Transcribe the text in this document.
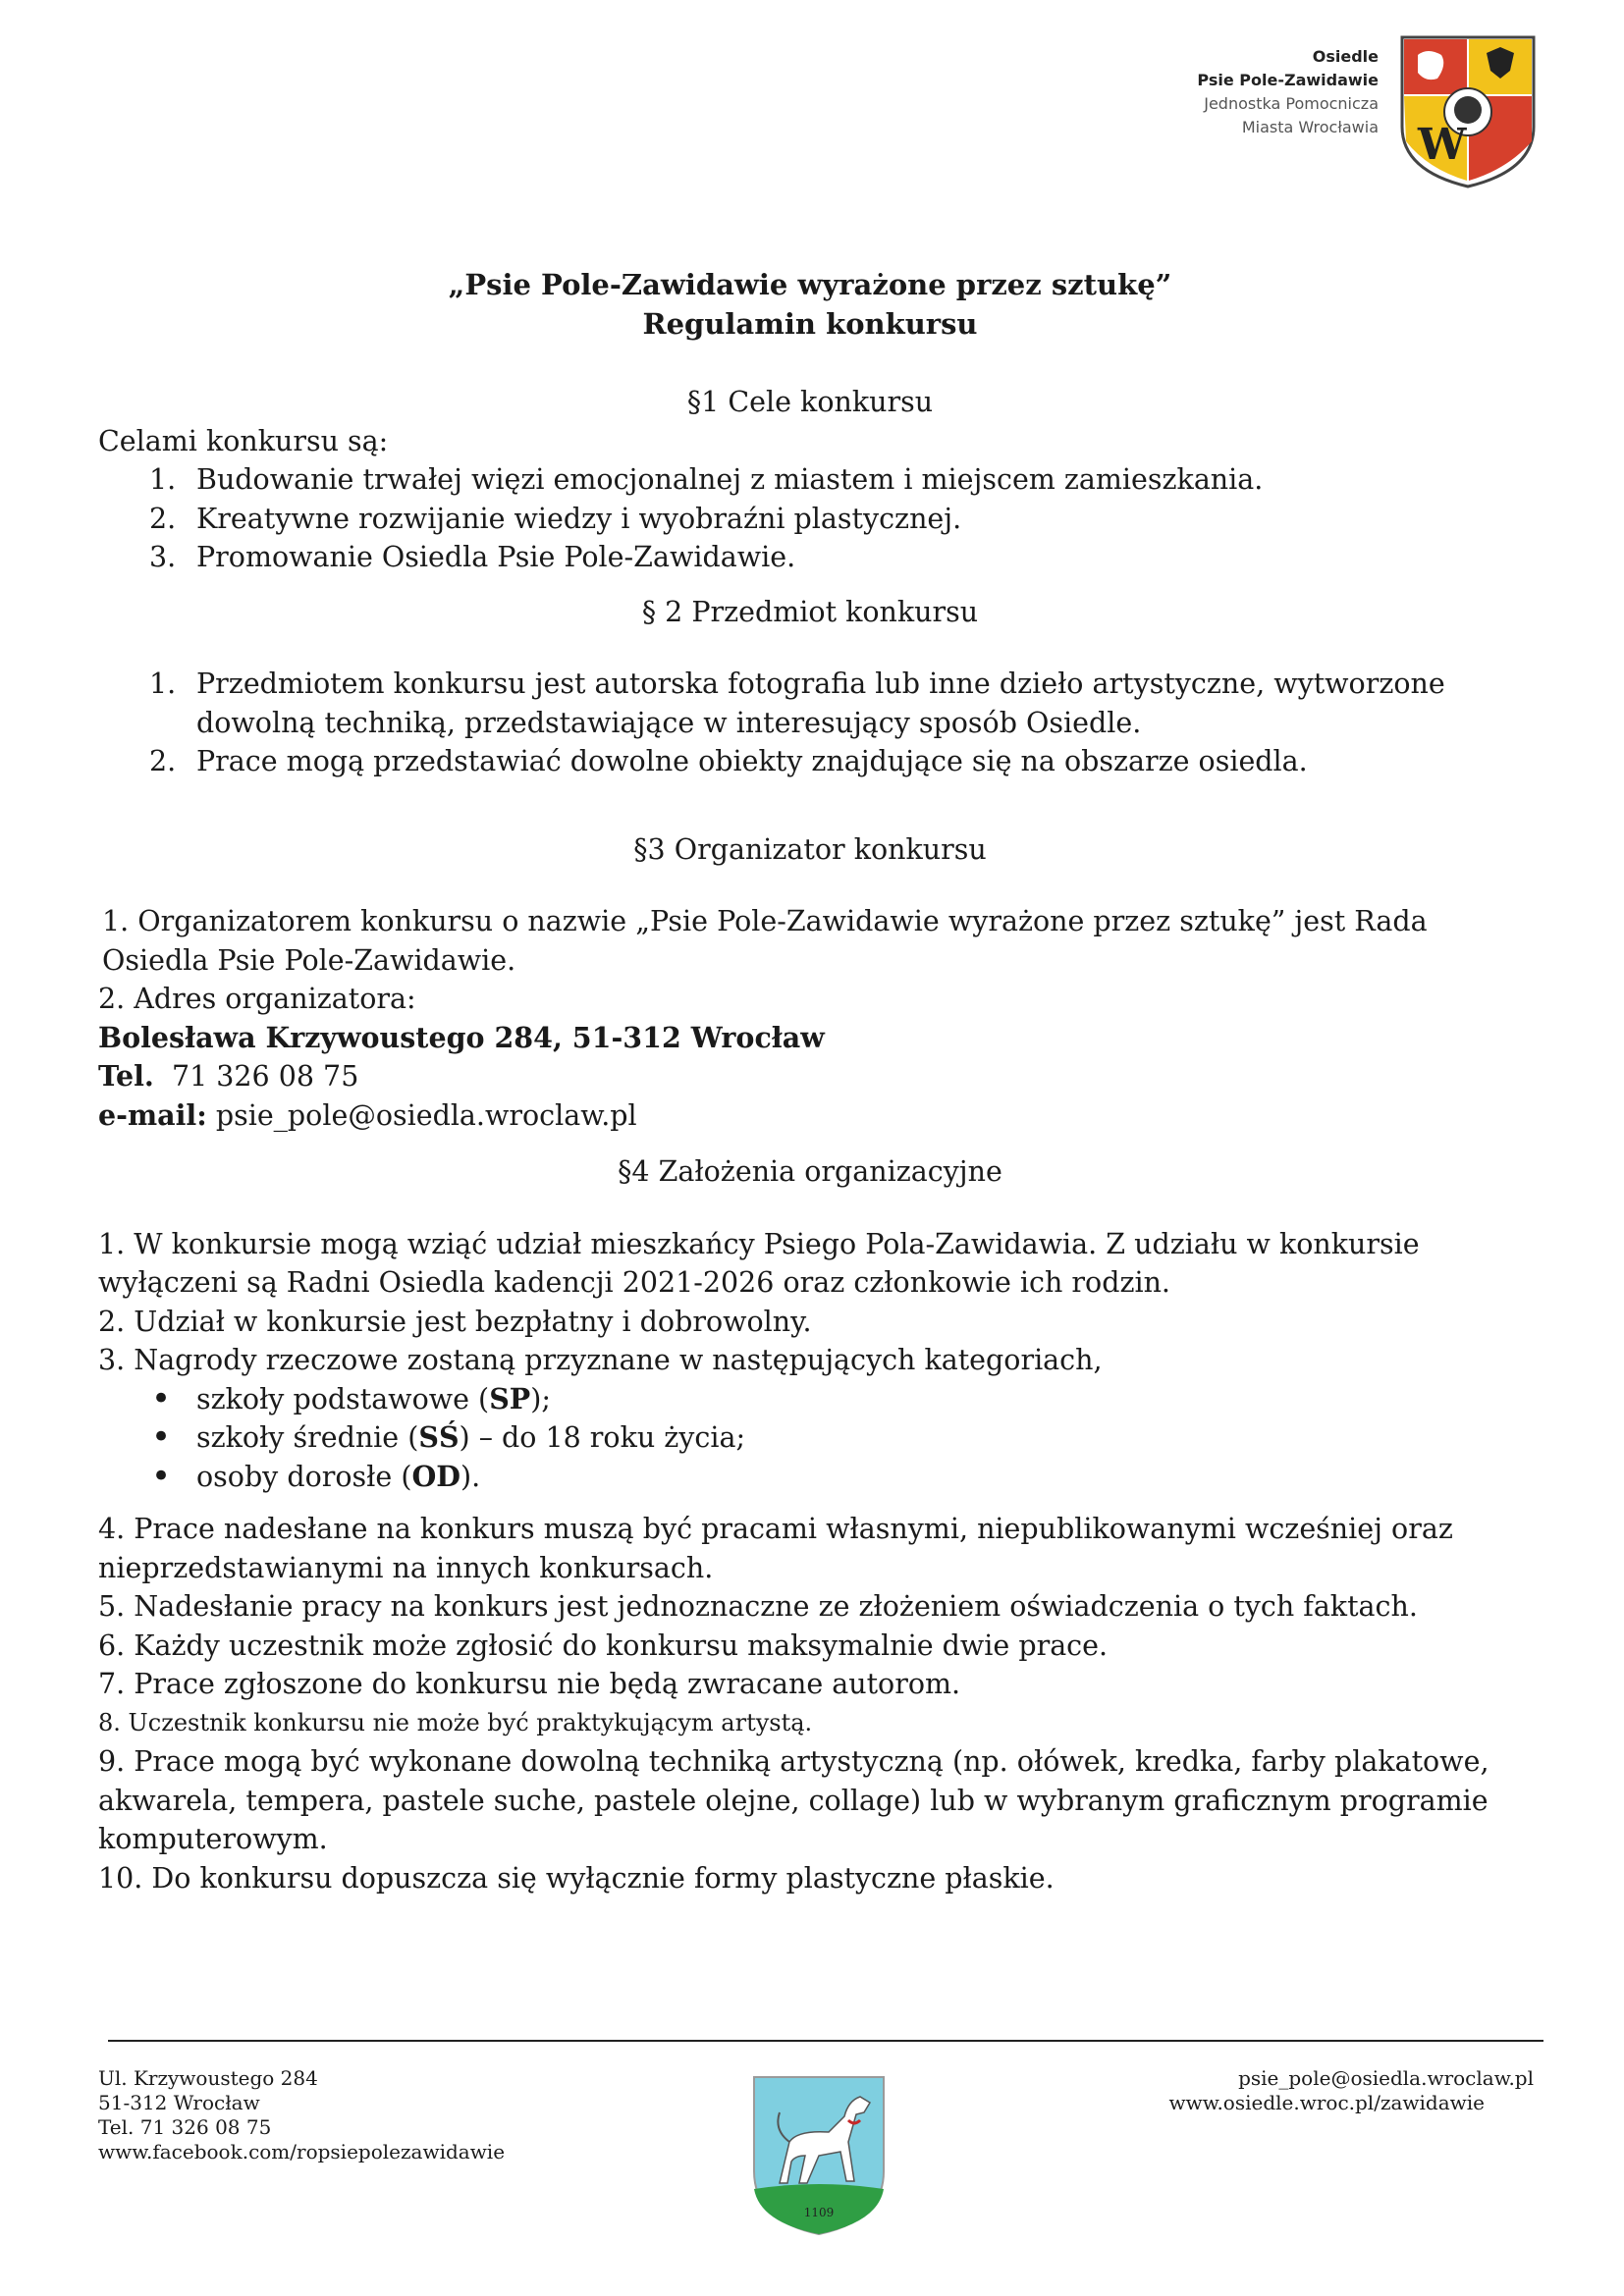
Osiedle
Psie Pole-Zawidawie
Jednostka Pomocnicza
Miasta Wrocławia W
„Psie Pole-Zawidawie wyrażone przez sztukę”
Regulamin konkursu
§1 Cele konkursu
Celami konkursu są:
1. Budowanie trwałej więzi emocjonalnej z miastem i miejscem zamieszkania.
2. Kreatywne rozwijanie wiedzy i wyobraźni plastycznej.
3. Promowanie Osiedla Psie Pole-Zawidawie.
§ 2 Przedmiot konkursu
1. Przedmiotem konkursu jest autorska fotografia lub inne dzieło artystyczne, wytworzone dowolną techniką, przedstawiające w interesujący sposób Osiedle.
2. Prace mogą przedstawiać dowolne obiekty znajdujące się na obszarze osiedla.
§3 Organizator konkursu

1. Organizatorem konkursu o nazwie „Psie Pole-Zawidawie wyrażone przez sztukę” jest Rada Osiedla Psie Pole-Zawidawie.

2. Adres organizatora:

Bolesława Krzywoustego 284, 51-312 Wrocław

Tel. 71 326 08 75

e-mail: psie_pole@osiedla.wroclaw.pl

§4 Założenia organizacyjne

1. W konkursie mogą wziąć udział mieszkańcy Psiego Pola-Zawidawia. Z udziału w konkursie wyłączeni są Radni Osiedla kadencji 2021-2026 oraz członkowie ich rodzin.

2. Udział w konkursie jest bezpłatny i dobrowolny.

3. Nagrody rzeczowe zostaną przyznane w następujących kategoriach,

• szkoły podstawowe (SP);
• szkoły średnie (SŚ) – do 18 roku życia;
• osoby dorosłe (OD).

4. Prace nadesłane na konkurs muszą być pracami własnymi, niepublikowanymi wcześniej oraz nieprzedstawianymi na innych konkursach.

5. Nadesłanie pracy na konkurs jest jednoznaczne ze złożeniem oświadczenia o tych faktach.

6. Każdy uczestnik może zgłosić do konkursu maksymalnie dwie prace.

7. Prace zgłoszone do konkursu nie będą zwracane autorom.

8. Uczestnik konkursu nie może być praktykującym artystą.

9. Prace mogą być wykonane dowolną techniką artystyczną (np. ołówek, kredka, farby plakatowe, akwarela, tempera, pastele suche, pastele olejne, collage) lub w wybranym graficznym programie komputerowym.

10. Do konkursu dopuszcza się wyłącznie formy plastyczne płaskie.

Ul. Krzywoustego 284
51-312 Wrocław
Tel. 71 326 08 75
www.facebook.com/ropsiepolezawidawie
1109
psie_pole@osiedla.wroclaw.pl
www.osiedle.wroc.pl/zawidawie
